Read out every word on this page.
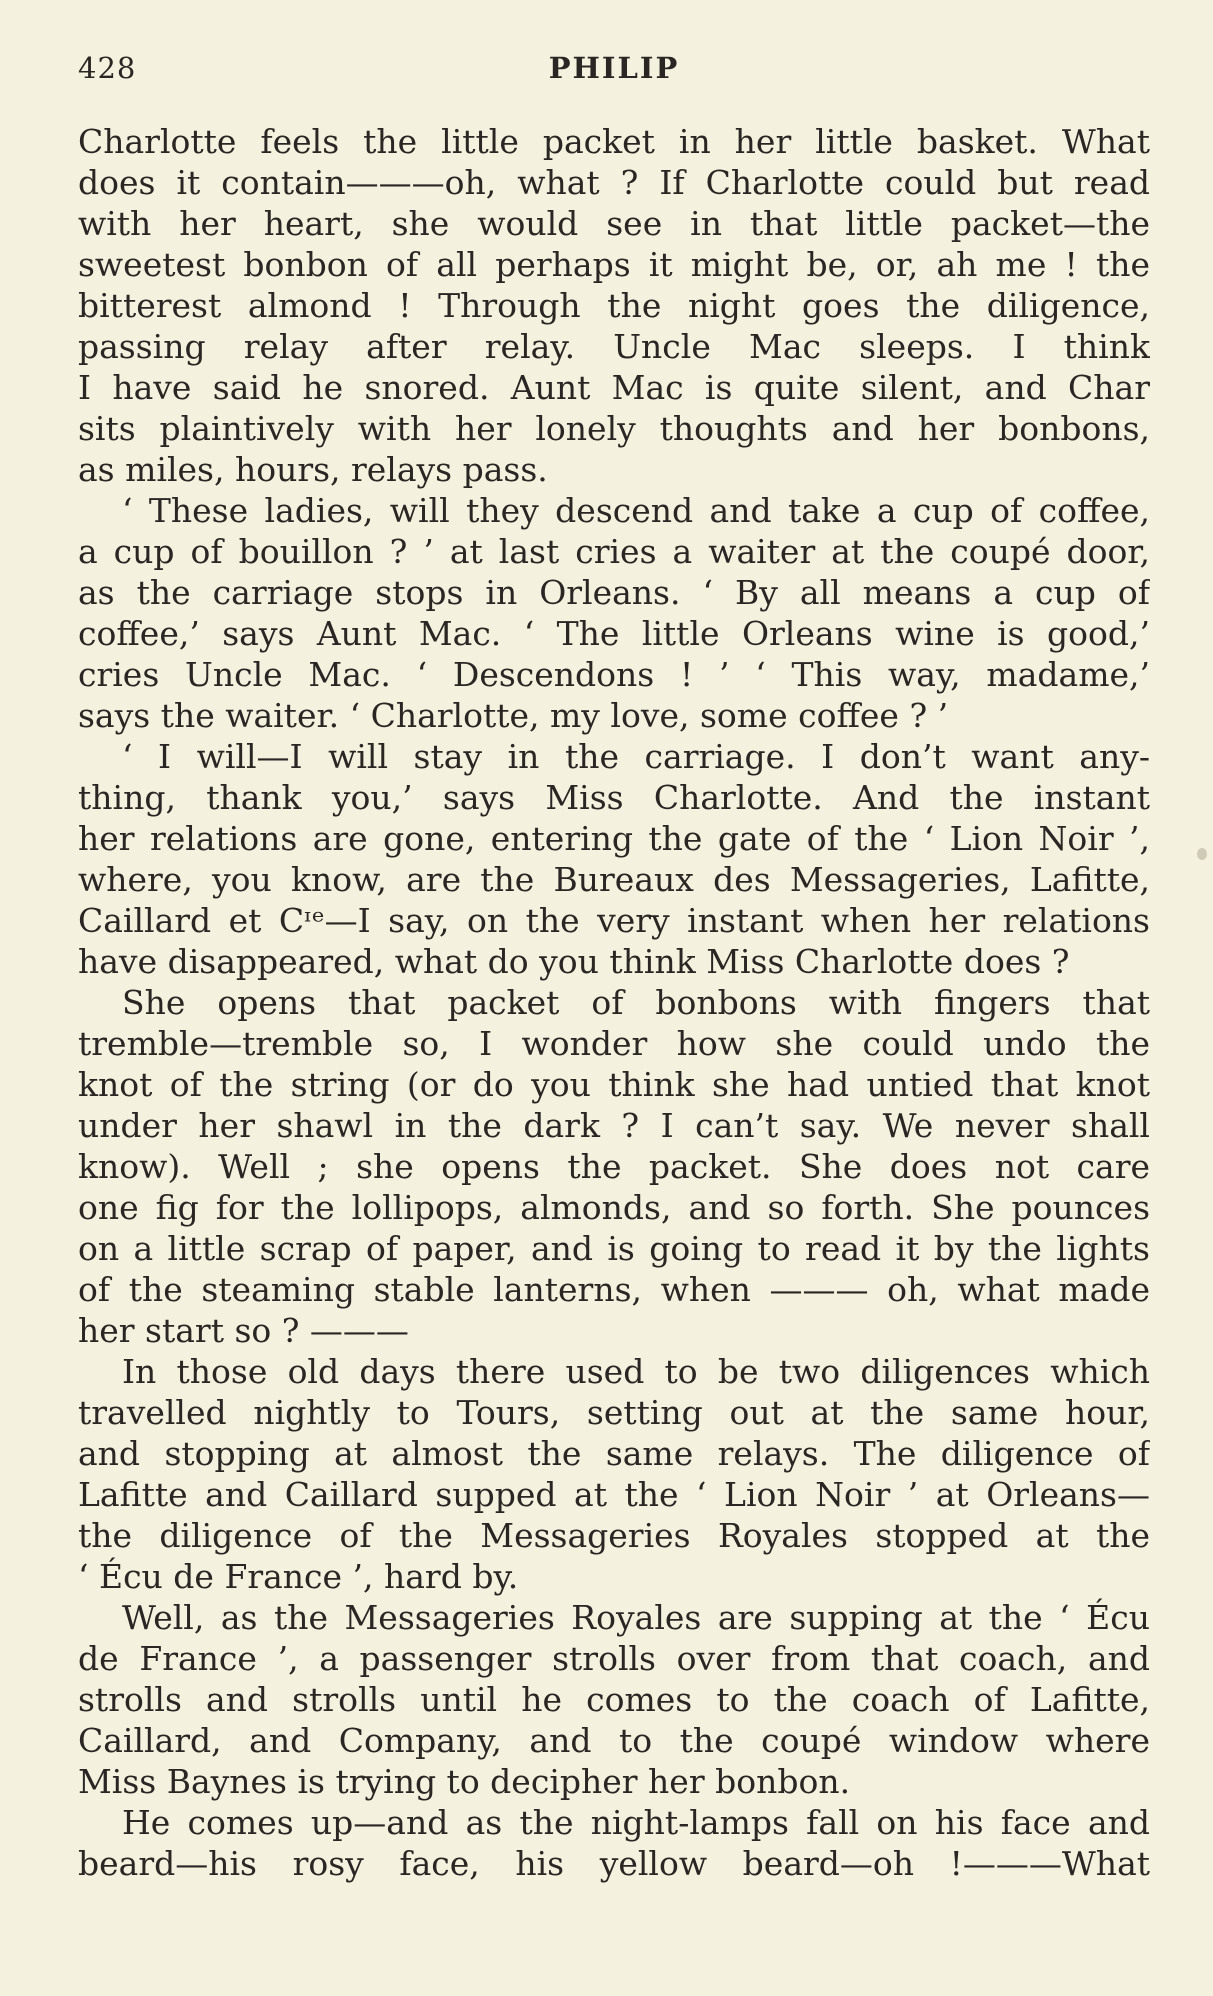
428	PHILIP
Charlotte feels the little packet in her little basket. What
does it contain———oh, what ? If Charlotte could but read
with her heart, she would see in that little packet—the
sweetest bonbon of all perhaps it might be, or, ah me ! the
bitterest almond ! Through the night goes the diligence,
passing relay after relay. Uncle Mac sleeps. I think
I have said he snored. Aunt Mac is quite silent, and Char
sits plaintively with her lonely thoughts and her bonbons,
as miles, hours, relays pass.
‘ These ladies, will they descend and take a cup of coffee,
a cup of bouillon ? ’ at last cries a waiter at the coupé door,
as the carriage stops in Orleans. ‘ By all means a cup of
coffee,’ says Aunt Mac. ‘ The little Orleans wine is good,’
cries Uncle Mac. ‘ Descendons ! ’ ‘ This way, madame,’
says the waiter. ‘ Charlotte, my love, some coffee ? ’
‘ I will—I will stay in the carriage. I don’t want any-
thing, thank you,’ says Miss Charlotte. And the instant
her relations are gone, entering the gate of the ‘ Lion Noir ’,
where, you know, are the Bureaux des Messageries, Lafitte,
Caillard et Cᶦᵉ—I say, on the very instant when her relations
have disappeared, what do you think Miss Charlotte does ?
She opens that packet of bonbons with fingers that
tremble—tremble so, I wonder how she could undo the
knot of the string (or do you think she had untied that knot
under her shawl in the dark ? I can’t say. We never shall
know). Well ; she opens the packet. She does not care
one fig for the lollipops, almonds, and so forth. She pounces
on a little scrap of paper, and is going to read it by the lights
of the steaming stable lanterns, when ——— oh, what made
her start so ? ———
In those old days there used to be two diligences which
travelled nightly to Tours, setting out at the same hour,
and stopping at almost the same relays. The diligence of
Lafitte and Caillard supped at the ‘ Lion Noir ’ at Orleans—
the diligence of the Messageries Royales stopped at the
‘ Écu de France ’, hard by.
Well, as the Messageries Royales are supping at the ‘ Écu
de France ’, a passenger strolls over from that coach, and
strolls and strolls until he comes to the coach of Lafitte,
Caillard, and Company, and to the coupé window where
Miss Baynes is trying to decipher her bonbon.
He comes up—and as the night-lamps fall on his face and
beard—his rosy face, his yellow beard—oh !———What
